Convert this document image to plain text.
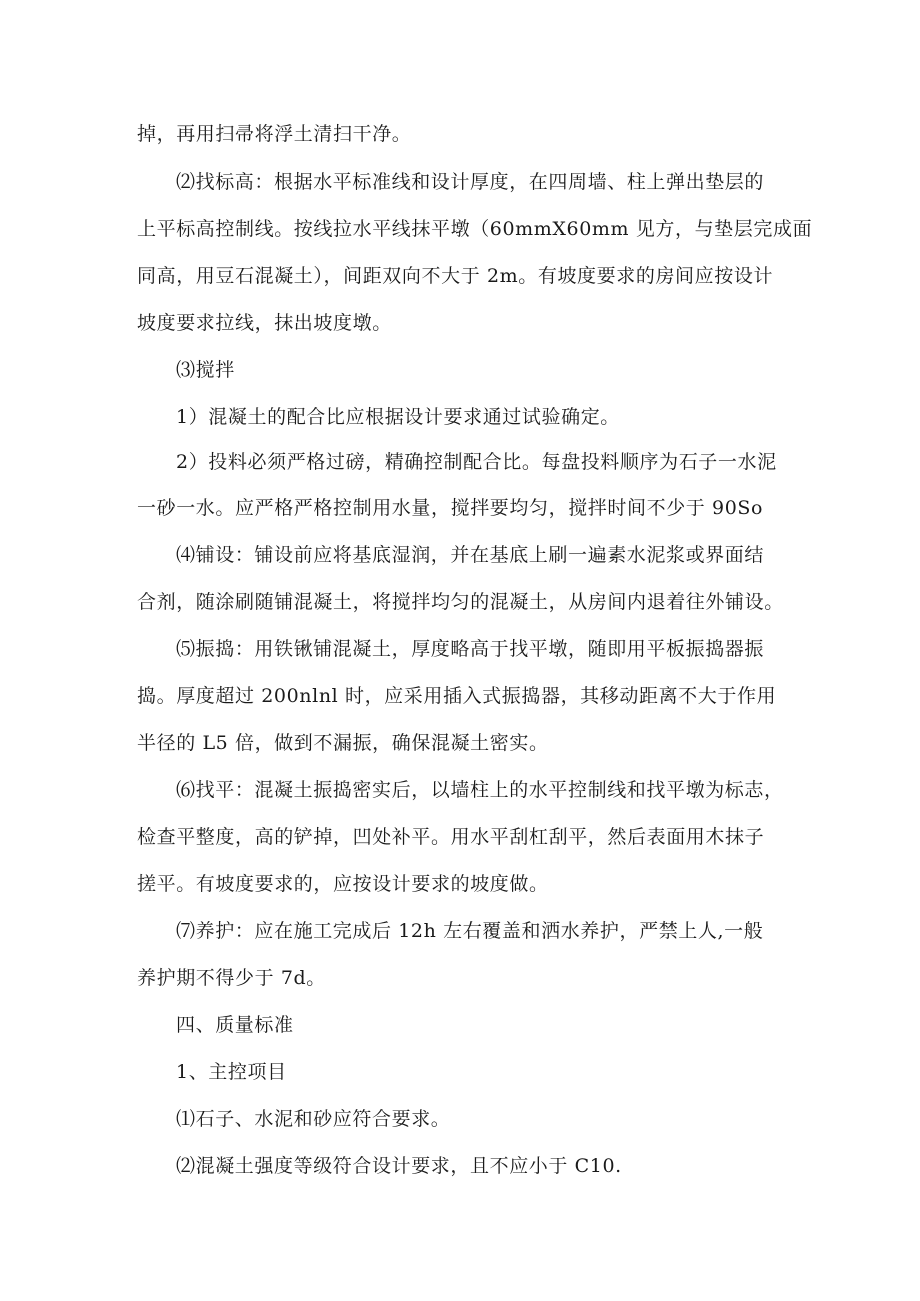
掉，再用扫帚将浮土清扫干净。
⑵找标高：根据水平标准线和设计厚度，在四周墙、柱上弹出垫层的
上平标高控制线。按线拉水平线抹平墩（60mmX60mm 见方，与垫层完成面
同高，用豆石混凝土），间距双向不大于 2m。有坡度要求的房间应按设计
坡度要求拉线，抹出坡度墩。
⑶搅拌
1）混凝土的配合比应根据设计要求通过试验确定。
2）投料必须严格过磅，精确控制配合比。每盘投料顺序为石子一水泥
一砂一水。应严格严格控制用水量，搅拌要均匀，搅拌时间不少于 90So
⑷铺设：铺设前应将基底湿润，并在基底上刷一遍素水泥浆或界面结
合剂，随涂刷随铺混凝土，将搅拌均匀的混凝土，从房间内退着往外铺设。
⑸振捣：用铁锹铺混凝土，厚度略高于找平墩，随即用平板振捣器振
捣。厚度超过 200nlnl 时，应采用插入式振捣器，其移动距离不大于作用
半径的 L5 倍，做到不漏振，确保混凝土密实。
⑹找平：混凝土振捣密实后，以墙柱上的水平控制线和找平墩为标志，
检查平整度，高的铲掉，凹处补平。用水平刮杠刮平，然后表面用木抹子
搓平。有坡度要求的，应按设计要求的坡度做。
⑺养护：应在施工完成后 12h 左右覆盖和洒水养护，严禁上人,一般
养护期不得少于 7d。
四、质量标准
1、主控项目
⑴石子、水泥和砂应符合要求。
⑵混凝土强度等级符合设计要求，且不应小于 C10.
